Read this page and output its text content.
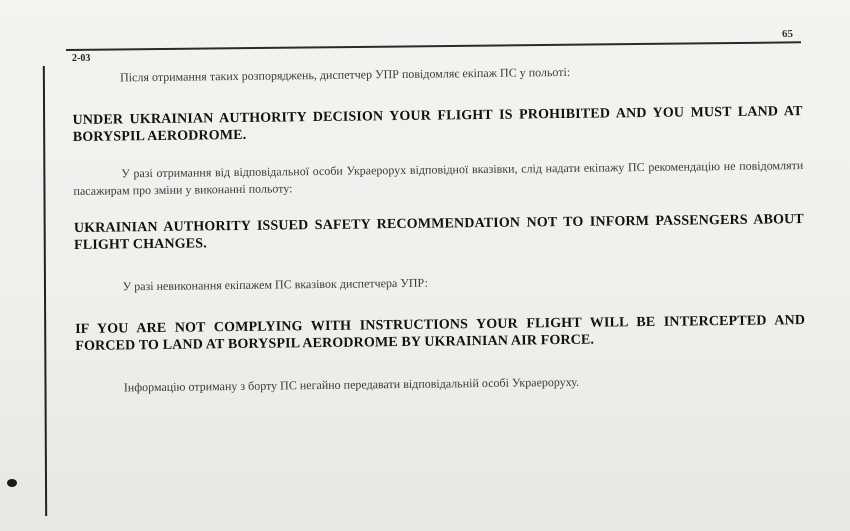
65
2-03

Після отримання таких розпоряджень, диспетчер УПР повідомляє екіпаж ПС у польоті:

UNDER UKRAINIAN AUTHORITY DECISION YOUR FLIGHT IS PROHIBITED AND YOU MUST LAND AT BORYSPIL AERODROME.

У разі отримання від відповідальної особи Украерорух відповідної вказівки, слід надати екіпажу ПС рекомендацію не повідомляти пасажирам про зміни у виконанні польоту:

UKRAINIAN AUTHORITY ISSUED SAFETY RECOMMENDATION NOT TO INFORM PASSENGERS ABOUT FLIGHT CHANGES.

У разі невиконання екіпажем ПС вказівок диспетчера УПР:

IF YOU ARE NOT COMPLYING WITH INSTRUCTIONS YOUR FLIGHT WILL BE INTERCEPTED AND FORCED TO LAND AT BORYSPIL AERODROME BY UKRAINIAN AIR FORCE.

Інформацію отриману з борту ПС негайно передавати відповідальній особі Украероруху.
